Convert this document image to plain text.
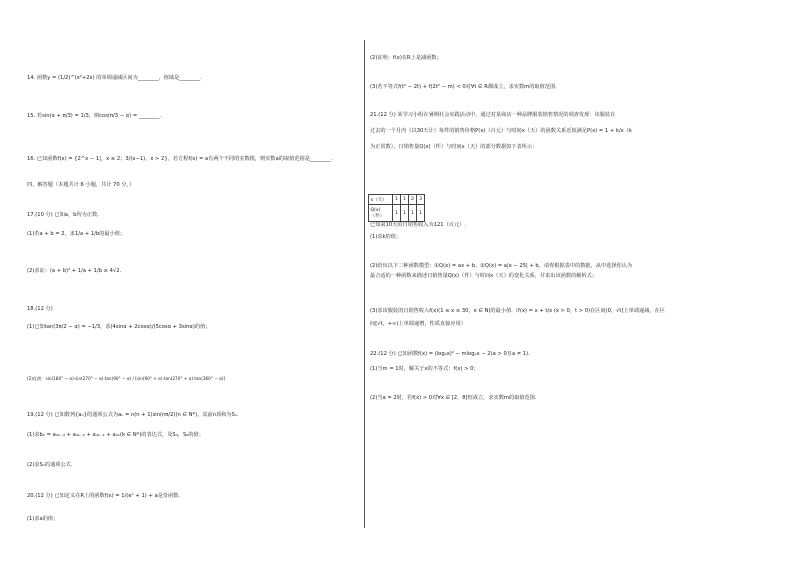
14. 函数y = (1/2)^(x²+2x) 的单调递减区间为________，值域是________.
15. 若sin(α + π/3) = 1/3，则cos(π/3 − α) = ________.
16. 已知函数f(x) = {2^x − 1|，x ≤ 2；3/(x−1)，x > 2}，若方程f(x) = a有两个不同的实数根，则实数a的取值范围是________.
四、解答题（本题共计 6 小题，共计 70 分，）
17.(10 分) 已知a，b均为正数.
(1)若a + b = 2，求1/a + 1/b的最小值；
(2)求证：(a + b)² + 1/a + 1/b ≥ 4√2.
18.(12 分)
(1)已知tan(3π/2 − α) = −1/3，求(4sinα + 2cosα)/(5cosα + 3sinα)的值；
(2)化简：sin(180° − α)·sin(270° − α)·tan(90° − α) / [sin(90° + α)·tan(270° + α)·tan(360° − α)]
19.(12 分) 已知数列{aₙ}的通项公式为aₙ = n(n + 1)sin(nπ/2)(n ∈ N*)，其前n项和为Sₙ.
(1)求bₖ = a₄ₖ₋₃ + a₄ₖ₋₂ + a₄ₖ₋₁ + a₄ₖ(k ∈ N*)的表达式，及S₄，S₈的值；
(2)求Sₙ的通项公式.
20.(12 分) 已知定义在R上的函数f(x) = 1/(eˣ + 1) + a是奇函数.
(1)求a的值；
(2)证明：f(x)在R上是减函数；
(3)若不等式f(t² − 2t) + f(2t² − m) < 0对∀t ∈ R都成立，求实数m的取值范围.
21.(12 分) 某学习小组在暑期社会实践活动中，通过对某商店一种品牌服装销售情况的调查发现：该服装在
过去的一个月内（以30天计）每件的销售价格P(x)（百元）与时间x（天）的函数关系近似满足P(x) = 1 + k/x（k
为正常数），日销售量Q(x)（件）与时间x（天）的部分数据如下表所示：
x（天）	1	1	2	3
Q(x)（件）	1	1	1	1
已知第10天的日销售收入为121（百元）.
(1)求k的值；
(2)给出以下二种函数模型：①Q(x) = ax + b，②Q(x) = a|x − 25| + b，请你根据表中的数据，从中选择你认为
最合适的一种函数来描述日销售量Q(x)（件）与时间x（天）的变化关系，并求出该函数的解析式；
(3)求该服装的日销售收入f(x)(1 ≤ x ≤ 30，x ∈ N)的最小值.（f(x) = x + t/x (x > 0，t > 0)在区间(0，√t]上单调递减，在区
间[√t，+∞)上单调递增，性质直接应用）
22.(12 分) 已知函数f(x) = (log₂x)² − mlog₂x − 2(a > 0且a ≠ 1).
(1)当m = 1时，解关于x的不等式：f(x) > 0；
(2)当a = 2时，若f(x) > 0对∀x ∈ [2，8]恒成立，求实数m的取值范围.
